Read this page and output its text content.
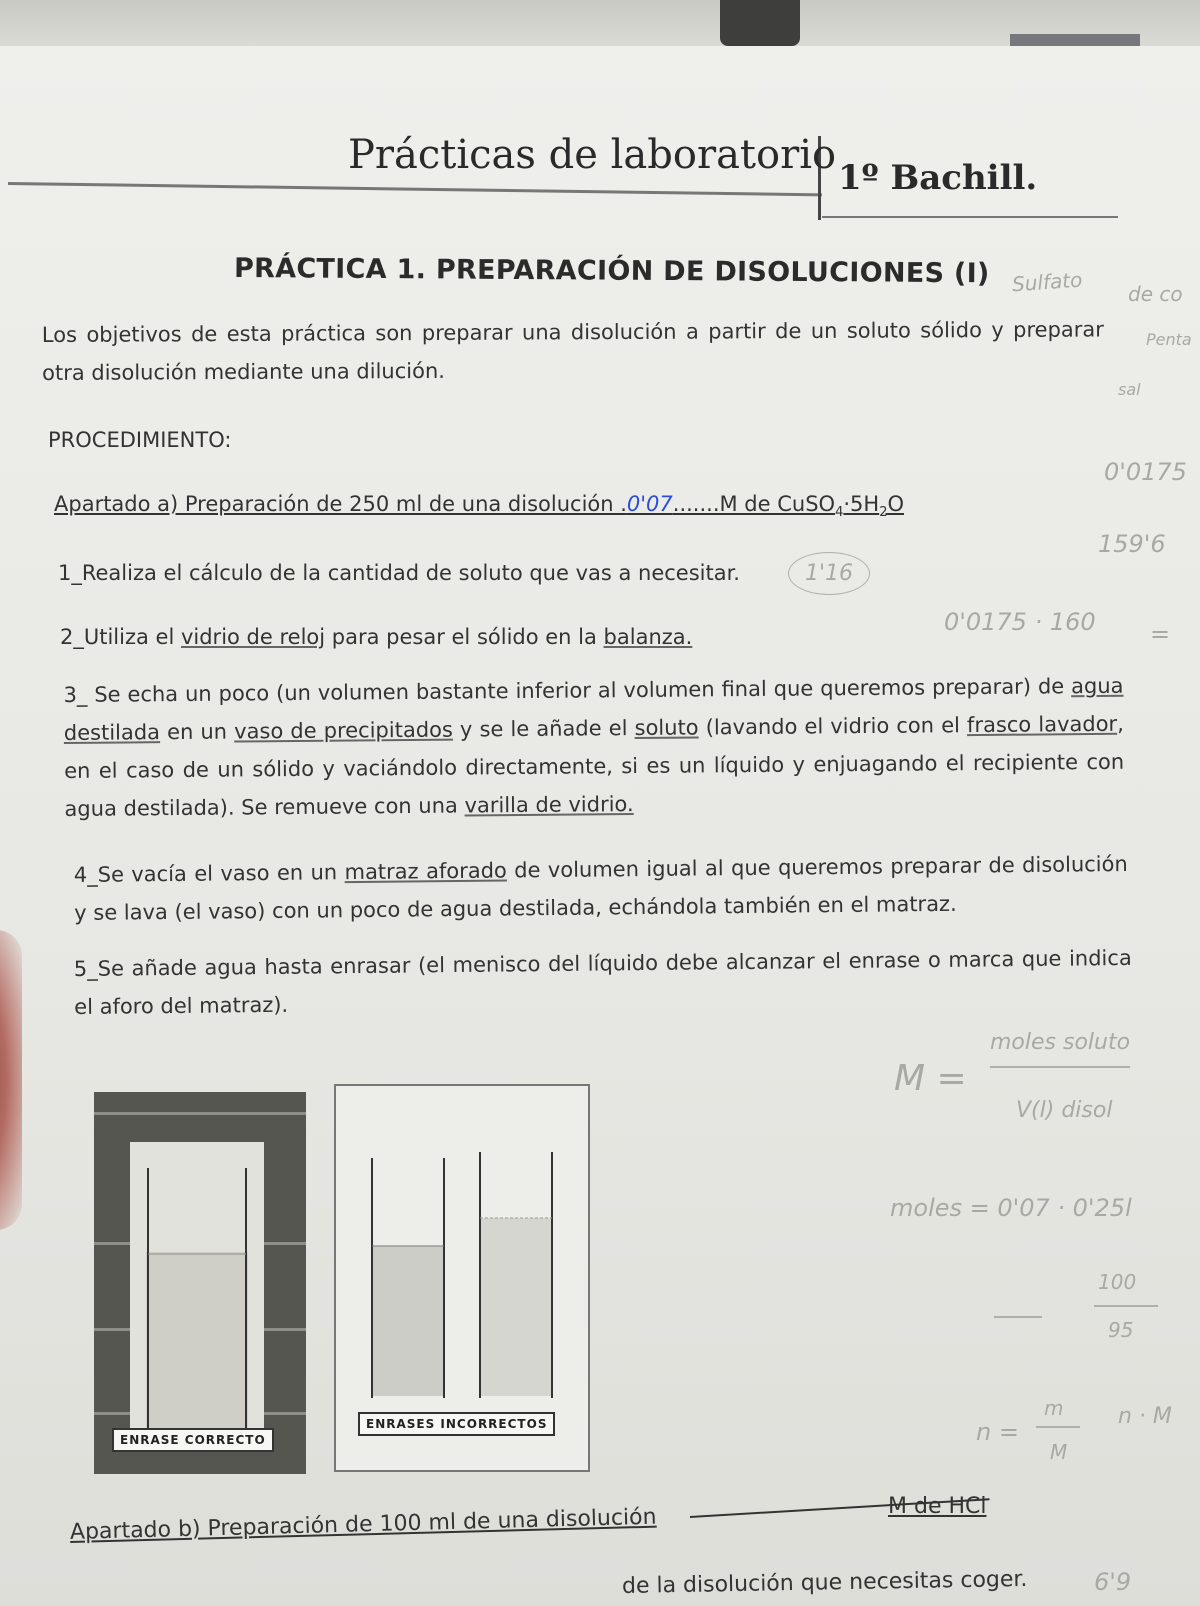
Prácticas de laboratorio 1º Bachill.
PRÁCTICA 1. PREPARACIÓN DE DISOLUCIONES (I)
Los objetivos de esta práctica son preparar una disolución a partir de un soluto sólido y preparar otra disolución mediante una dilución.
PROCEDIMIENTO:
Apartado a) Preparación de 250 ml de una disolución .0'07.......M de $CuSO_4\cdot 5H_2O$
1_Realiza el cálculo de la cantidad de soluto que vas a necesitar.
2_Utiliza el vidrio de reloj para pesar el sólido en la balanza.
3_ Se echa un poco (un volumen bastante inferior al volumen final que queremos preparar) de agua destilada en un vaso de precipitados y se le añade el soluto (lavando el vidrio con el frasco lavador, en el caso de un sólido y vaciándolo directamente, si es un líquido y enjuagando el recipiente con agua destilada). Se remueve con una varilla de vidrio.
4_Se vacía el vaso en un matraz aforado de volumen igual al que queremos preparar de disolución y se lava (el vaso) con un poco de agua destilada, echándola también en el matraz.
5_Se añade agua hasta enrasar (el menisco del líquido debe alcanzar el enrase o marca que indica el aforo del matraz).
ENRASE CORRECTO
ENRASES INCORRECTOS
M de HCl
Apartado b) Preparación de 100 ml de una disolución
de la disolución que necesitas coger.
Sulfato de co
Penta
sal
0'0175
159'6
1'16
0'0175 · 160 =
M =
moles soluto
V(l) disol
moles = 0'07 · 0'25l
100
95
n =
m
M
n · M
6'9
